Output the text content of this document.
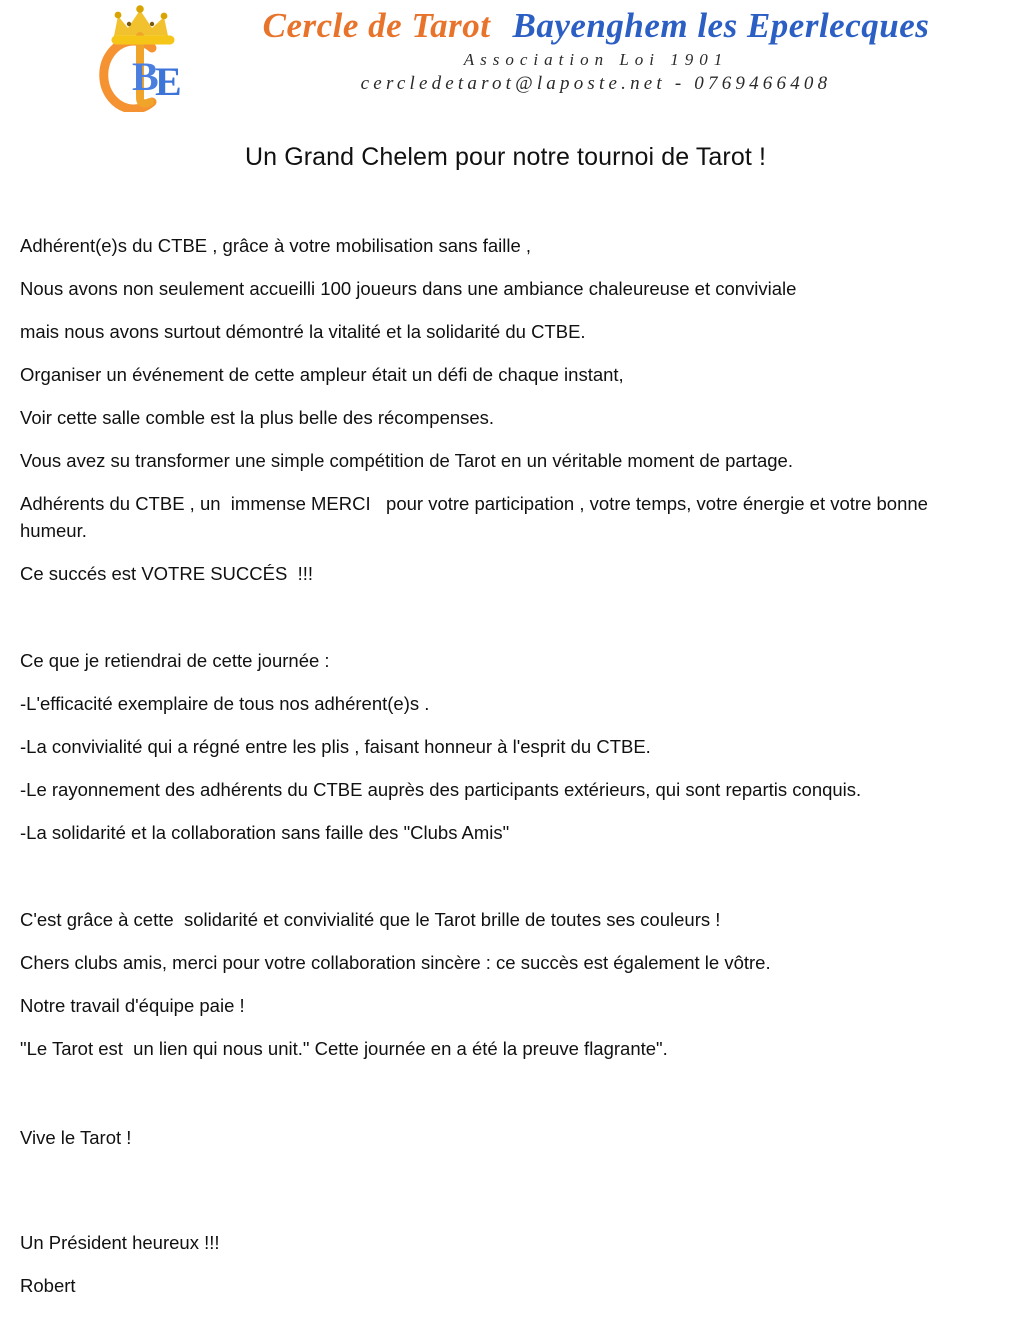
B
E
Cercle de Tarot Bayenghem les Eperlecques
Association Loi 1901
cercledetarot@laposte.net - 0769466408
Un Grand Chelem pour notre tournoi de Tarot !

Adhérent(e)s du CTBE , grâce à votre mobilisation sans faille ,

Nous avons non seulement accueilli 100 joueurs dans une ambiance chaleureuse et conviviale

mais nous avons surtout démontré la vitalité et la solidarité du CTBE.

Organiser un événement de cette ampleur était un défi de chaque instant,

Voir cette salle comble est la plus belle des récompenses.

Vous avez su transformer une simple compétition de Tarot en un véritable moment de partage.

Adhérents du CTBE , un  immense MERCI   pour votre participation , votre temps, votre énergie et votre bonne humeur.

Ce succés est VOTRE SUCCÉS  !!!

Ce que je retiendrai de cette journée :

-L'efficacité exemplaire de tous nos adhérent(e)s .

-La convivialité qui a régné entre les plis , faisant honneur à l'esprit du CTBE.

-Le rayonnement des adhérents du CTBE auprès des participants extérieurs, qui sont repartis conquis.

-La solidarité et la collaboration sans faille des "Clubs Amis"

C'est grâce à cette  solidarité et convivialité que le Tarot brille de toutes ses couleurs !

Chers clubs amis, merci pour votre collaboration sincère : ce succès est également le vôtre.

Notre travail d'équipe paie !

"Le Tarot est  un lien qui nous unit." Cette journée en a été la preuve flagrante".

Vive le Tarot !

Un Président heureux !!!

Robert
